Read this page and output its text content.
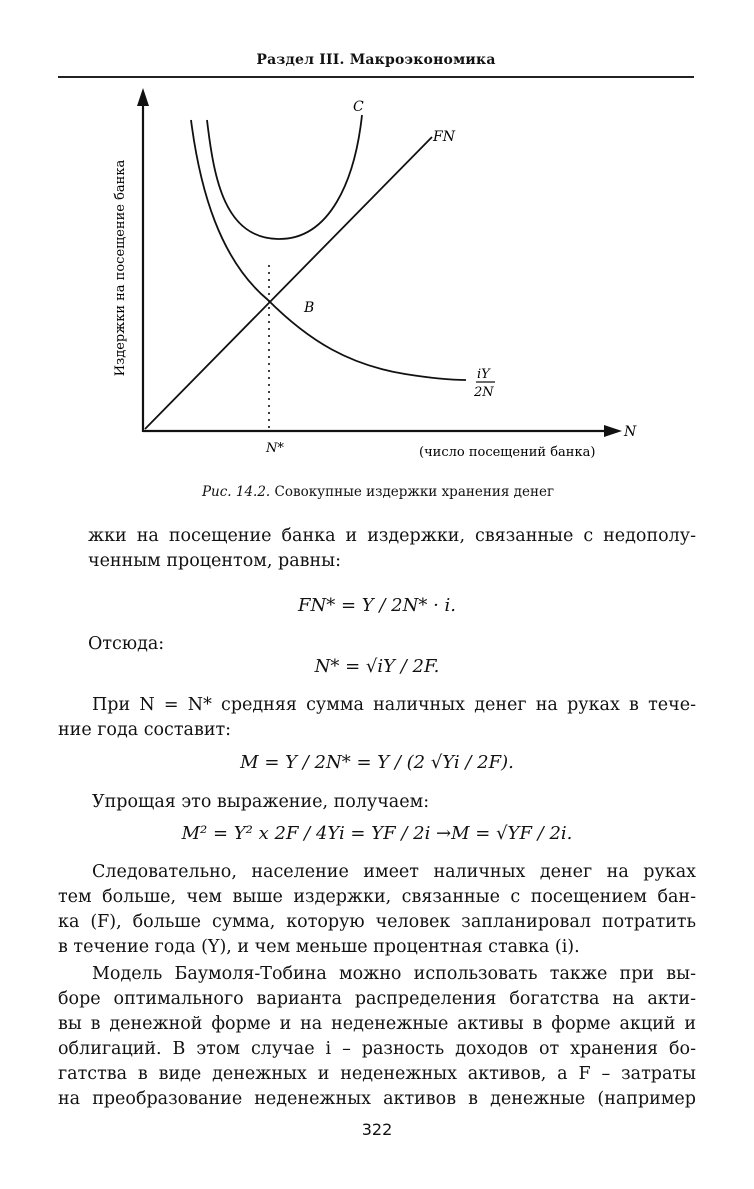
Раздел III. Макроэкономика
Издержки на посещение банка
C
FN
B
iY
2N
N
N*	(число посещений банка)
Рис. 14.2. Совокупные издержки хранения денег
жки на посещение банка и издержки, связанные с недополу-
ченным процентом, равны:
FN* = Y / 2N* · i.
Отсюда:
N* = √iY / 2F.
При N = N* средняя сумма наличных денег на руках в тече-
ние года составит:
M = Y / 2N* = Y / (2 √Yi / 2F).
Упрощая это выражение, получаем:
M² = Y² x 2F / 4Yi = YF / 2i →M = √YF / 2i.
Следовательно, население имеет наличных денег на руках
тем больше, чем выше издержки, связанные с посещением бан-
ка (F), больше сумма, которую человек запланировал потратить
в течение года (Y), и чем меньше процентная ставка (i).
Модель Баумоля-Тобина можно использовать также при вы-
боре оптимального варианта распределения богатства на акти-
вы в денежной форме и на неденежные активы в форме акций и
облигаций. В этом случае i – разность доходов от хранения бо-
гатства в виде денежных и неденежных активов, а F – затраты
на преобразование неденежных активов в денежные (например
322
